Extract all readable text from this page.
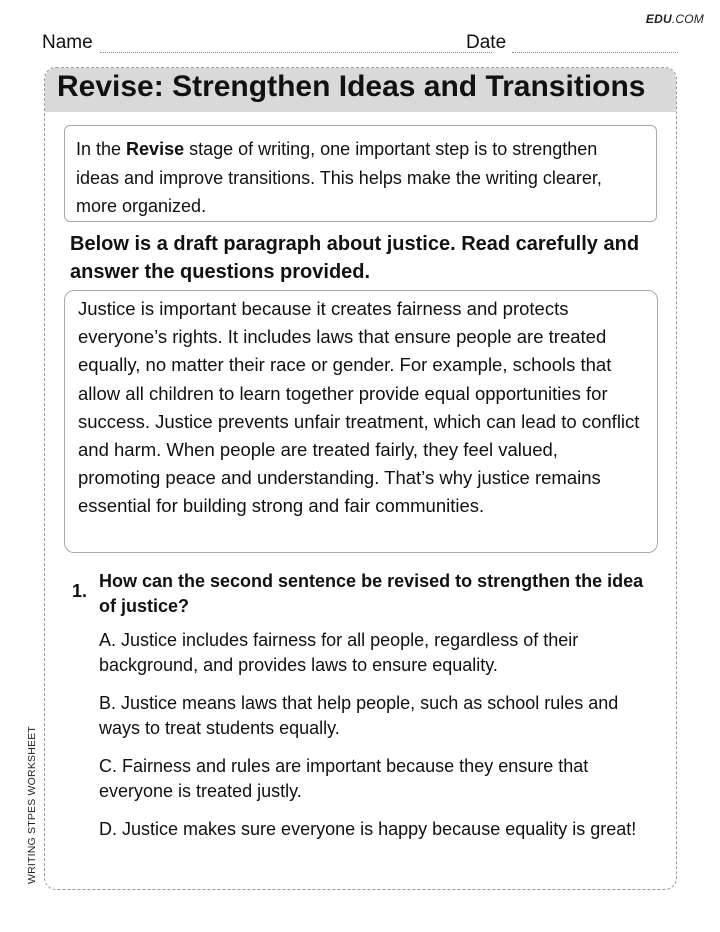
EDU.COM
Name	Date
WRITING STPES WORKSHEET
Revise: Strengthen Ideas and Transitions
In the Revise stage of writing, one important step is to strengthen ideas and improve transitions. This helps make the writing clearer, more organized.
Below is a draft paragraph about justice. Read carefully and answer the questions provided.
Justice is important because it creates fairness and protects everyone’s rights. It includes laws that ensure people are treated equally, no matter their race or gender. For example, schools that allow all children to learn together provide equal opportunities for success. Justice prevents unfair treatment, which can lead to conflict and harm. When people are treated fairly, they feel valued, promoting peace and understanding. That’s why justice remains essential for building strong and fair communities.
1. How can the second sentence be revised to strengthen the idea of justice?
A. Justice includes fairness for all people, regardless of their background, and provides laws to ensure equality.
B. Justice means laws that help people, such as school rules and ways to treat students equally.
C. Fairness and rules are important because they ensure that everyone is treated justly.
D. Justice makes sure everyone is happy because equality is great!
